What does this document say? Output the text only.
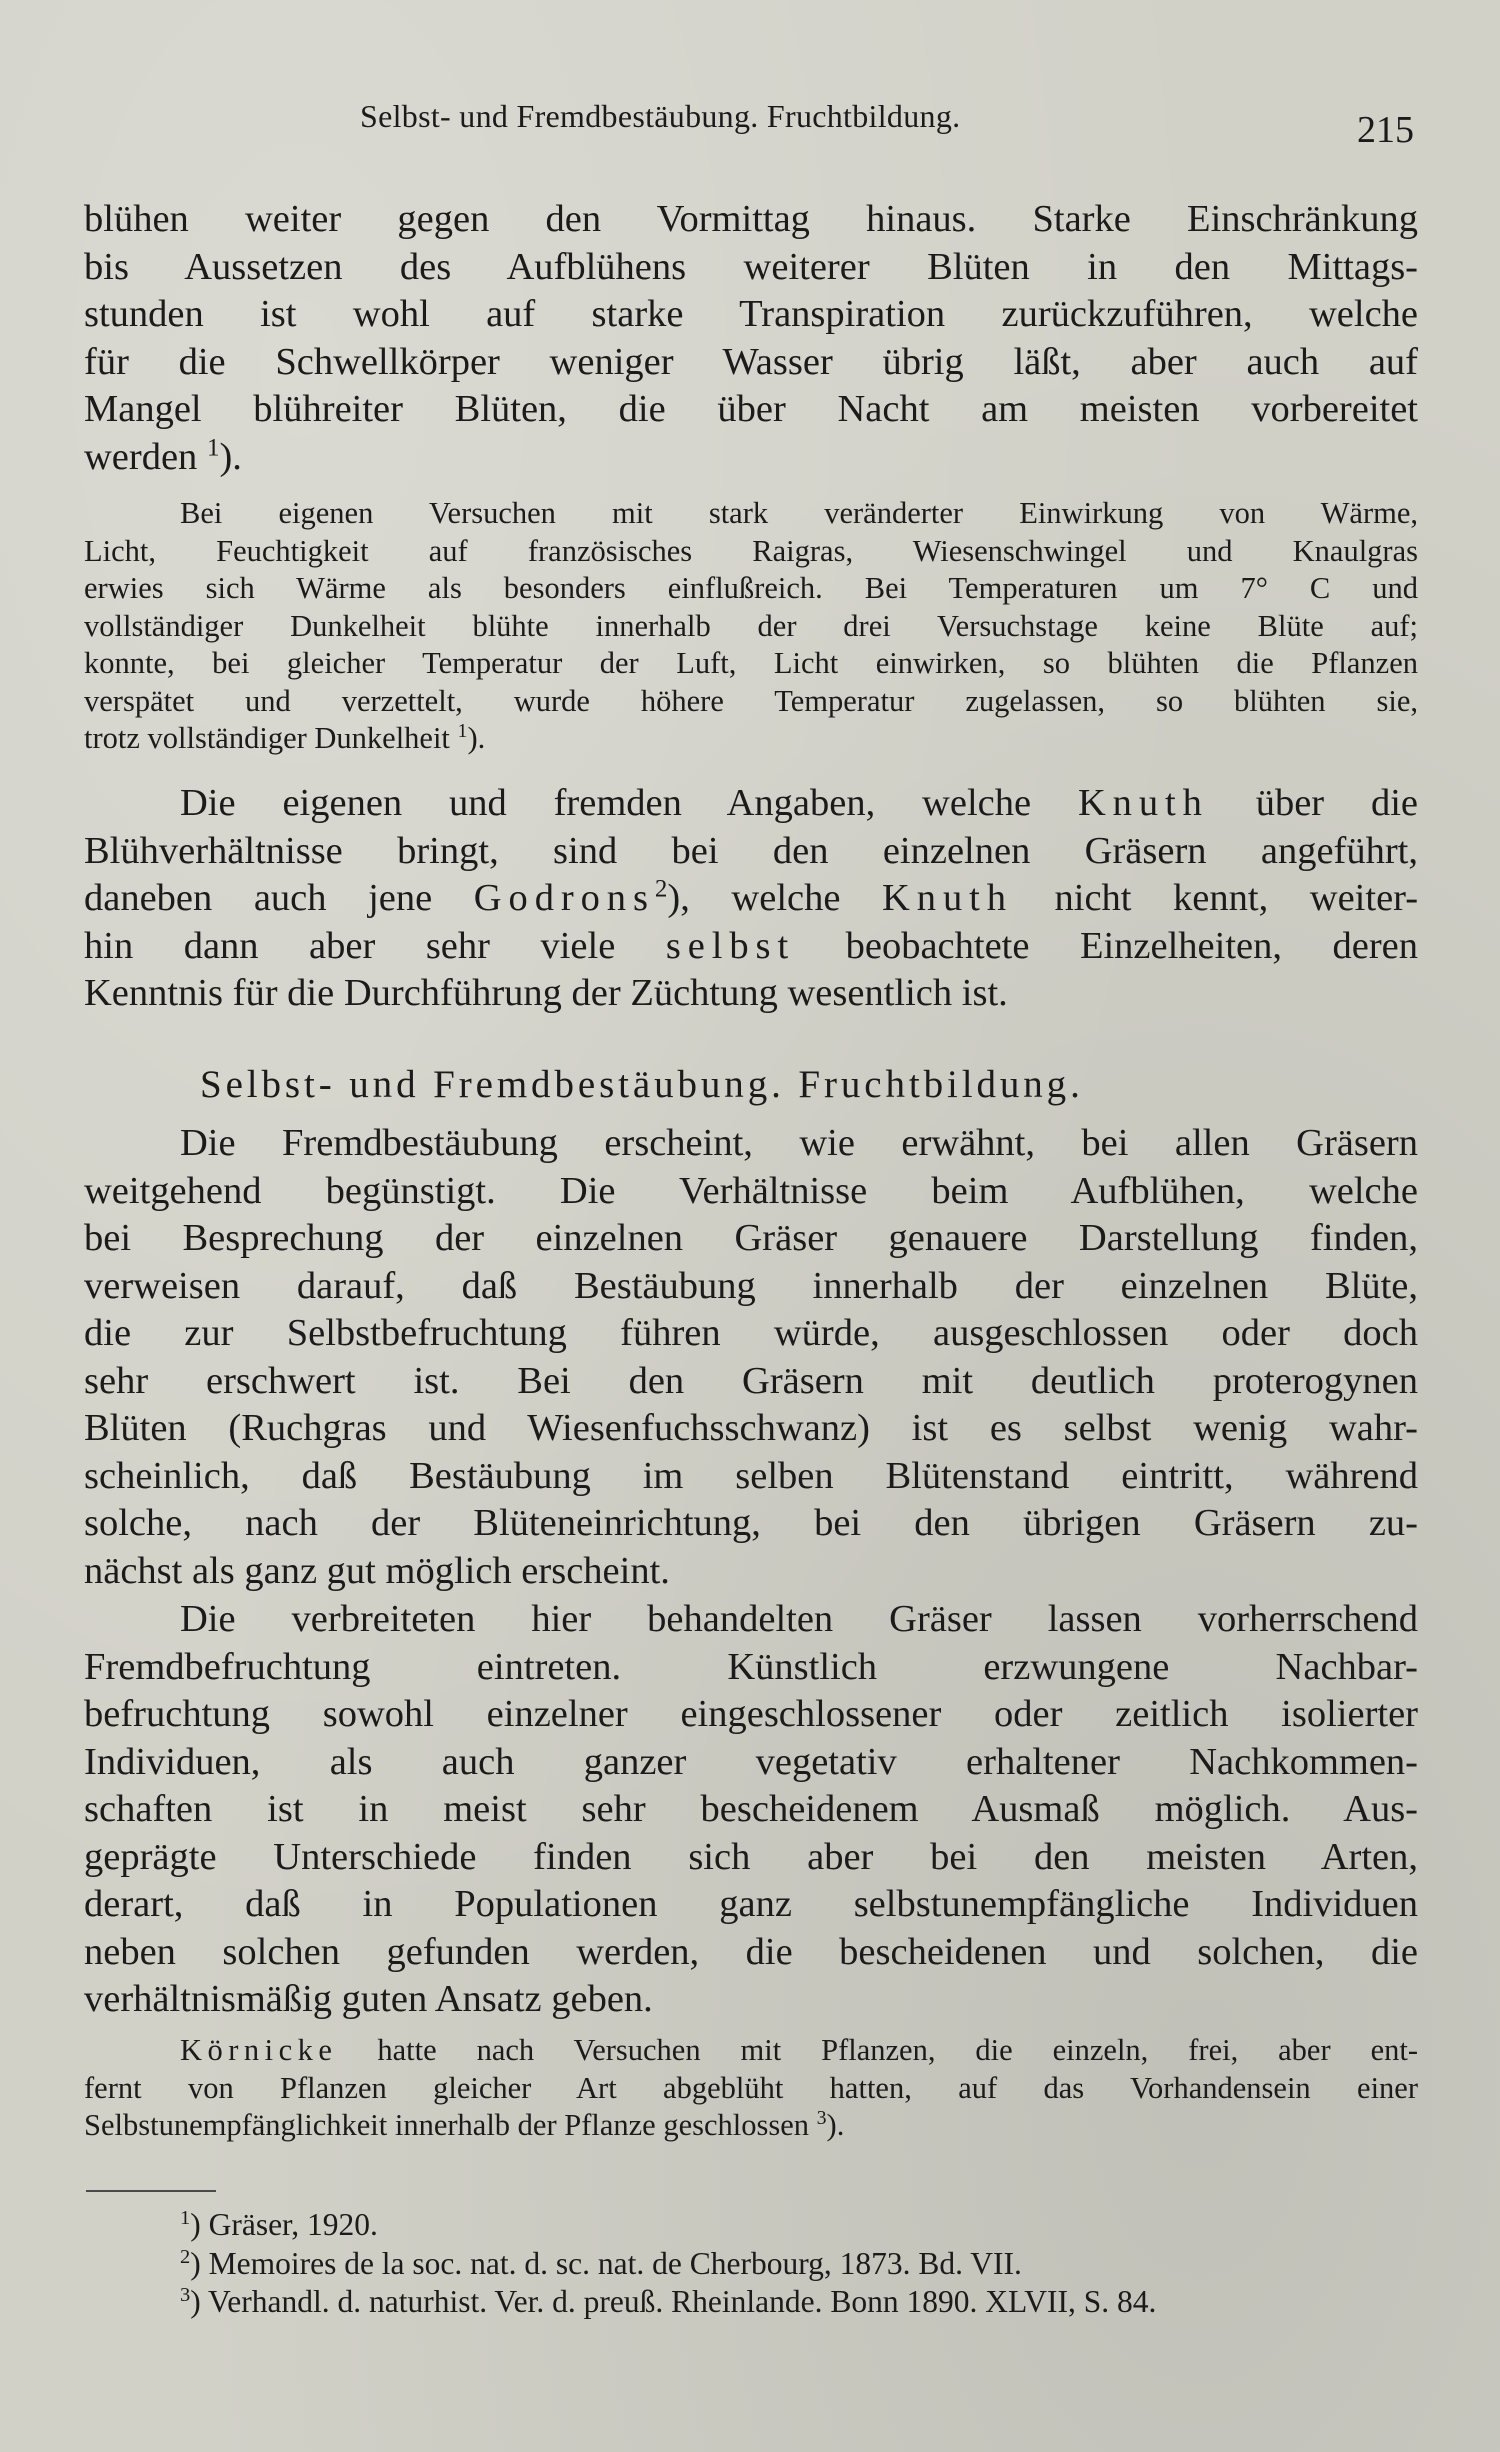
Selbst- und Fremdbestäubung. Fruchtbildung.	215

blühen weiter gegen den Vormittag hinaus. Starke Einschränkung

bis Aussetzen des Aufblühens weiterer Blüten in den Mittags-

stunden ist wohl auf starke Transpiration zurückzuführen, welche

für die Schwellkörper weniger Wasser übrig läßt, aber auch auf

Mangel blühreiter Blüten, die über Nacht am meisten vorbereitet

werden $^1$).

Bei eigenen Versuchen mit stark veränderter Einwirkung von Wärme,

Licht, Feuchtigkeit auf französisches Raigras, Wiesenschwingel und Knaulgras

erwies sich Wärme als besonders einflußreich. Bei Temperaturen um 7° C und

vollständiger Dunkelheit blühte innerhalb der drei Versuchstage keine Blüte auf;

konnte, bei gleicher Temperatur der Luft, Licht einwirken, so blühten die Pflanzen

verspätet und verzettelt, wurde höhere Temperatur zugelassen, so blühten sie,

trotz vollständiger Dunkelheit $^1$).

Die eigenen und fremden Angaben, welche Knuth über die

Blühverhältnisse bringt, sind bei den einzelnen Gräsern angeführt,

daneben auch jene Godrons$^2$), welche Knuth nicht kennt, weiter-

hin dann aber sehr viele selbst beobachtete Einzelheiten, deren

Kenntnis für die Durchführung der Züchtung wesentlich ist.

Selbst- und Fremdbestäubung. Fruchtbildung.

Die Fremdbestäubung erscheint, wie erwähnt, bei allen Gräsern

weitgehend begünstigt. Die Verhältnisse beim Aufblühen, welche

bei Besprechung der einzelnen Gräser genauere Darstellung finden,

verweisen darauf, daß Bestäubung innerhalb der einzelnen Blüte,

die zur Selbstbefruchtung führen würde, ausgeschlossen oder doch

sehr erschwert ist. Bei den Gräsern mit deutlich proterogynen

Blüten (Ruchgras und Wiesenfuchsschwanz) ist es selbst wenig wahr-

scheinlich, daß Bestäubung im selben Blütenstand eintritt, während

solche, nach der Blüteneinrichtung, bei den übrigen Gräsern zu-

nächst als ganz gut möglich erscheint.

Die verbreiteten hier behandelten Gräser lassen vorherrschend

Fremdbefruchtung eintreten. Künstlich erzwungene Nachbar-

befruchtung sowohl einzelner eingeschlossener oder zeitlich isolierter

Individuen, als auch ganzer vegetativ erhaltener Nachkommen-

schaften ist in meist sehr bescheidenem Ausmaß möglich. Aus-

geprägte Unterschiede finden sich aber bei den meisten Arten,

derart, daß in Populationen ganz selbstunempfängliche Individuen

neben solchen gefunden werden, die bescheidenen und solchen, die

verhältnismäßig guten Ansatz geben.

Körnicke hatte nach Versuchen mit Pflanzen, die einzeln, frei, aber ent-

fernt von Pflanzen gleicher Art abgeblüht hatten, auf das Vorhandensein einer

Selbstunempfänglichkeit innerhalb der Pflanze geschlossen $^3$).

$^1$) Gräser, 1920.
$^2$) Memoires de la soc. nat. d. sc. nat. de Cherbourg, 1873. Bd. VII.
$^3$) Verhandl. d. naturhist. Ver. d. preuß. Rheinlande. Bonn 1890. XLVII, S. 84.
